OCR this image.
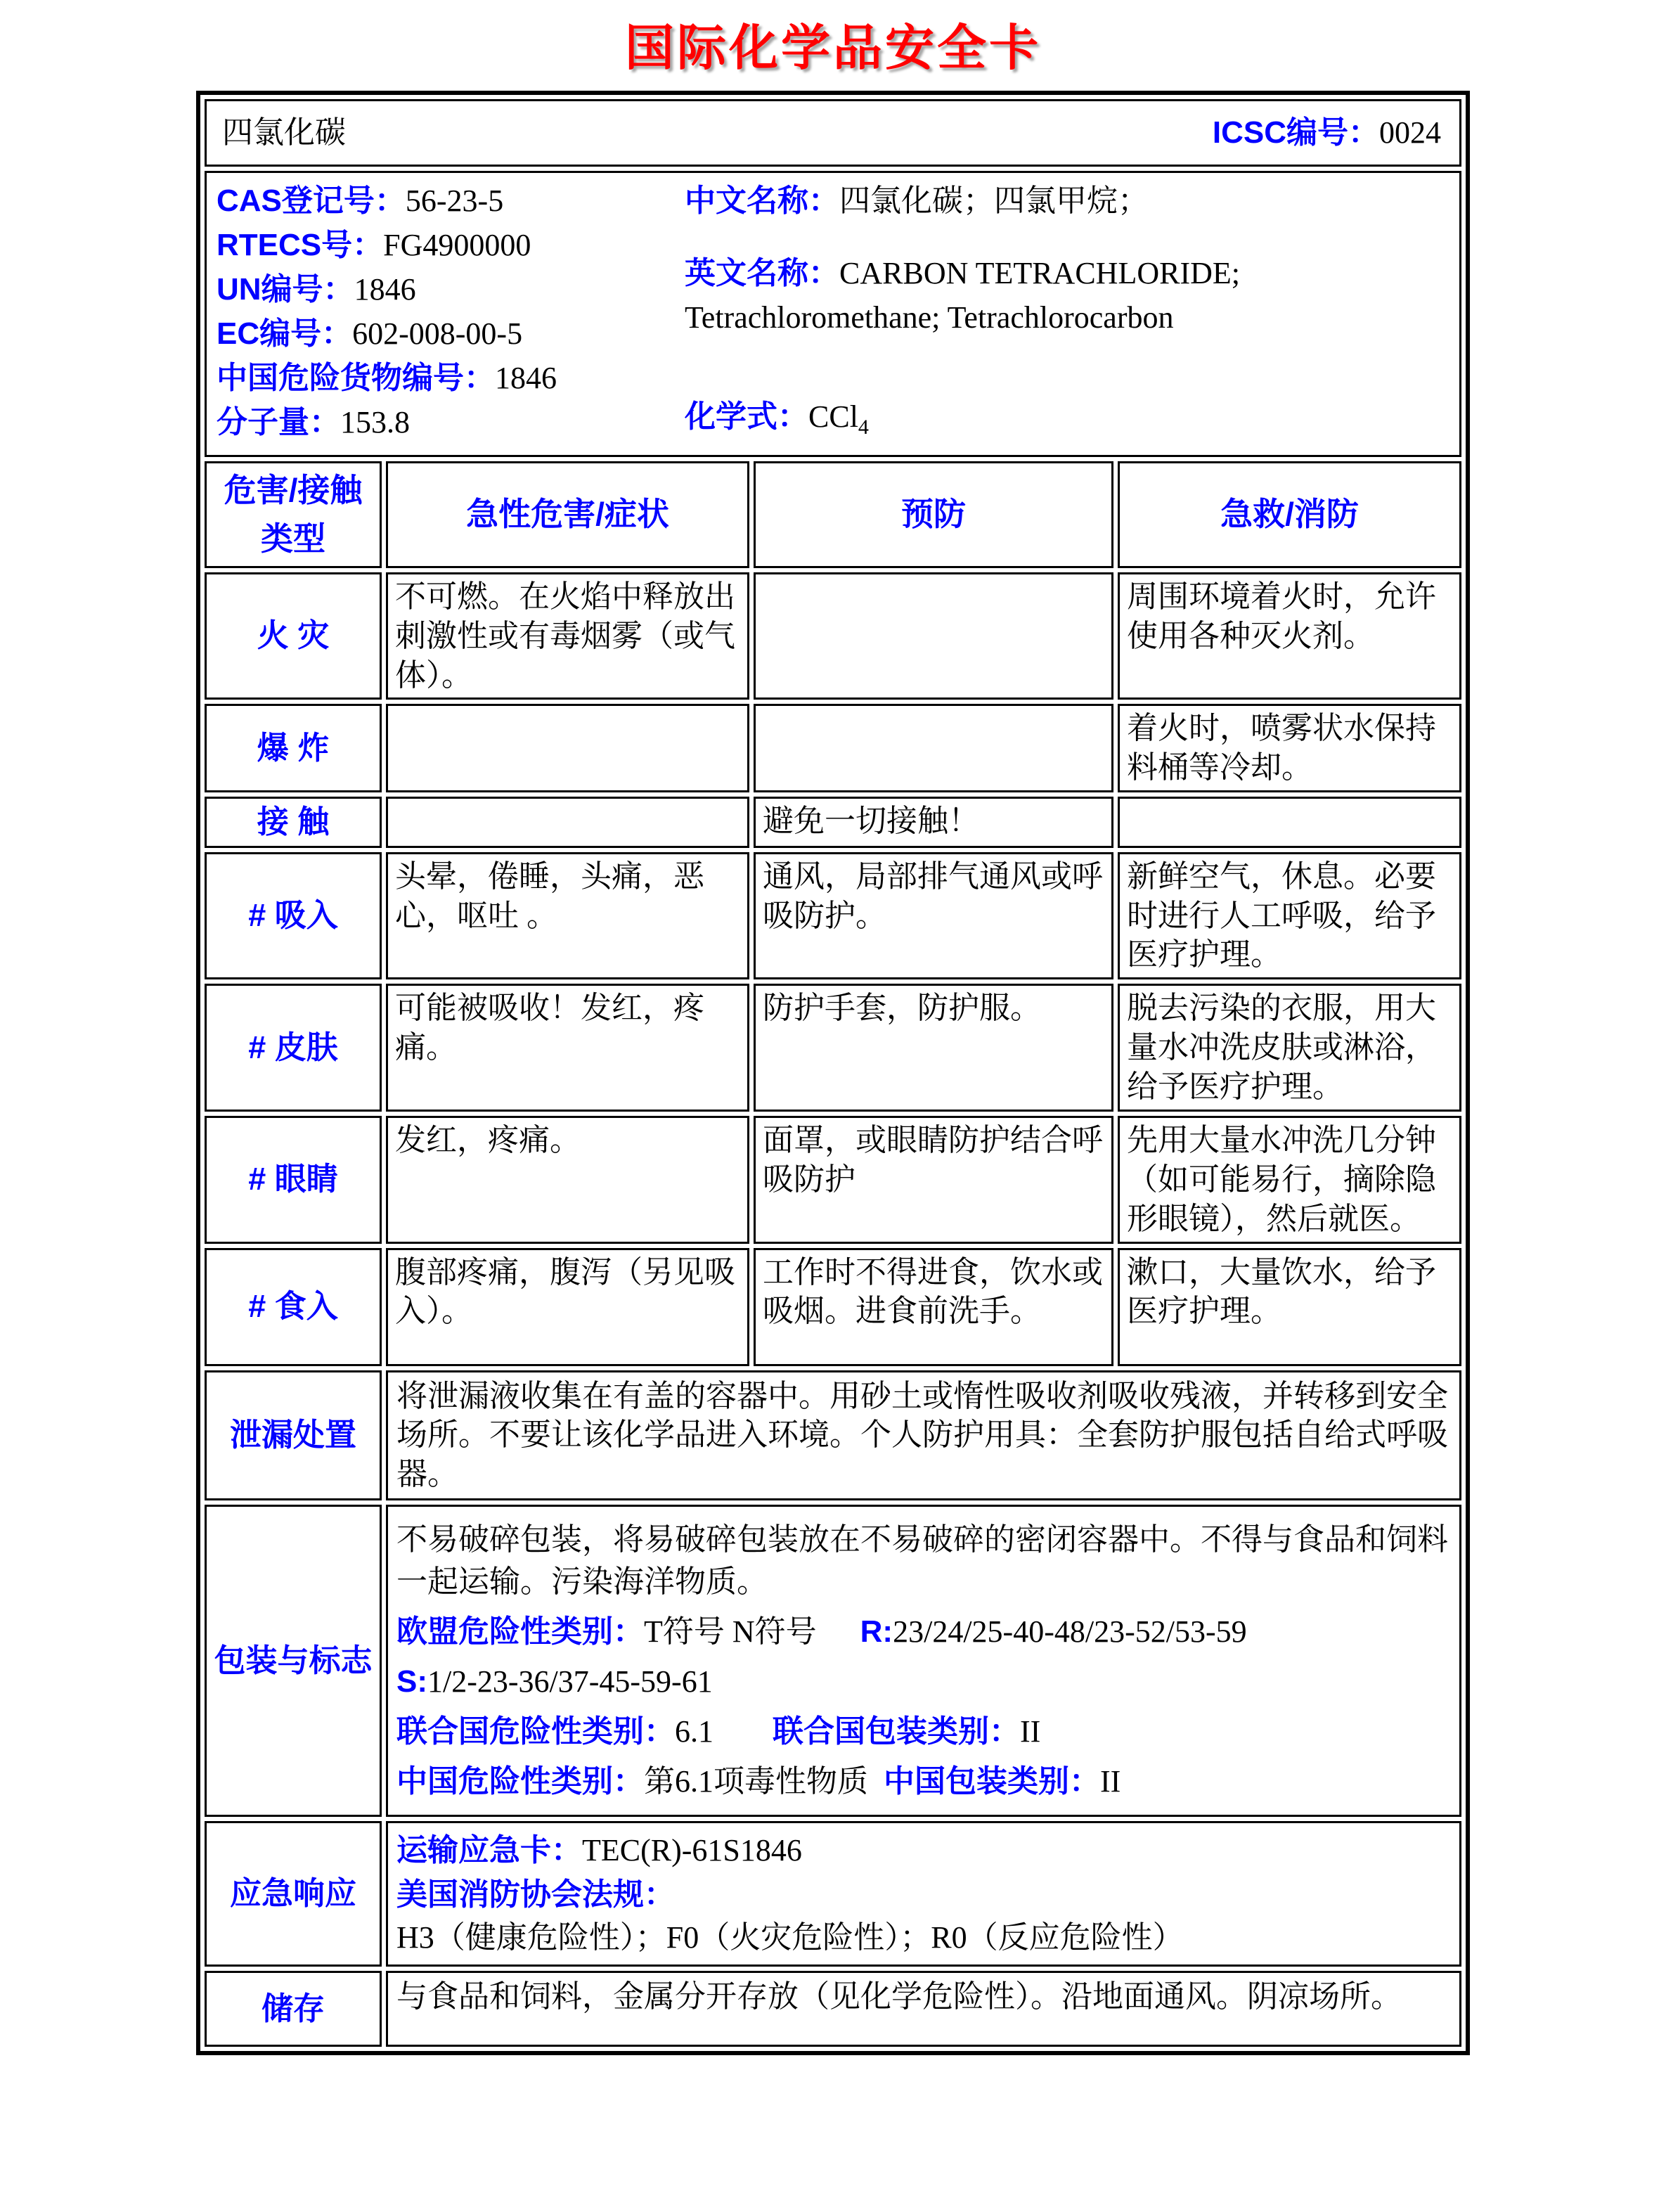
国际化学品安全卡
四氯化碳 ICSC编号：0024			

CAS登记号：56-23-5

RTECS号：FG4900000

UN编号：1846

EC编号：602-008-00-5

中国危险货物编号：1846

分子量：153.8

中文名称：四氯化碳；四氯甲烷；

英文名称：CARBON TETRACHLORIDE; Tetrachloromethane; Tetrachlorocarbon

化学式：CCl$_4$

危害/接触类型	急性危害/症状	预防	急救/消防
火 灾	不可燃。在火焰中释放出刺激性或有毒烟雾（或气体）。		周围环境着火时，允许使用各种灭火剂。
爆 炸			着火时，喷雾状水保持料桶等冷却。
接 触		避免一切接触！	
# 吸入	头晕，倦睡，头痛，恶心，呕吐 。	通风，局部排气通风或呼吸防护。	新鲜空气，休息。必要时进行人工呼吸，给予医疗护理。
# 皮肤	可能被吸收！发红，疼痛。	防护手套，防护服。	脱去污染的衣服，用大量水冲洗皮肤或淋浴，给予医疗护理。
# 眼睛	发红，疼痛。	面罩，或眼睛防护结合呼吸防护	先用大量水冲洗几分钟（如可能易行，摘除隐形眼镜），然后就医。
# 食入	腹部疼痛，腹泻（另见吸入）。	工作时不得进食，饮水或吸烟。进食前洗手。	漱口，大量饮水，给予医疗护理。
泄漏处置	将泄漏液收集在有盖的容器中。用砂土或惰性吸收剂吸收残液，并转移到安全场所。不要让该化学品进入环境。个人防护用具：全套防护服包括自给式呼吸器。		
包装与标志	不易破碎包装，将易破碎包装放在不易破碎的密闭容器中。不得与食品和饲料一起运输。污染海洋物质。

欧盟危险性类别：T符号 N符号 R:23/24/25-40-48/23-52/53-59

S:1/2-23-36/37-45-59-61

联合国危险性类别：6.1 联合国包装类别：II

中国危险性类别：第6.1项毒性物质 中国包装类别：II		

应急响应	运输应急卡：TEC(R)-61S1846

美国消防协会法规：H3（健康危险性）；F0（火灾危险性）；R0（反应危险性）		

储存	与食品和饲料，金属分开存放（见化学危险性）。沿地面通风。阴凉场所。		
